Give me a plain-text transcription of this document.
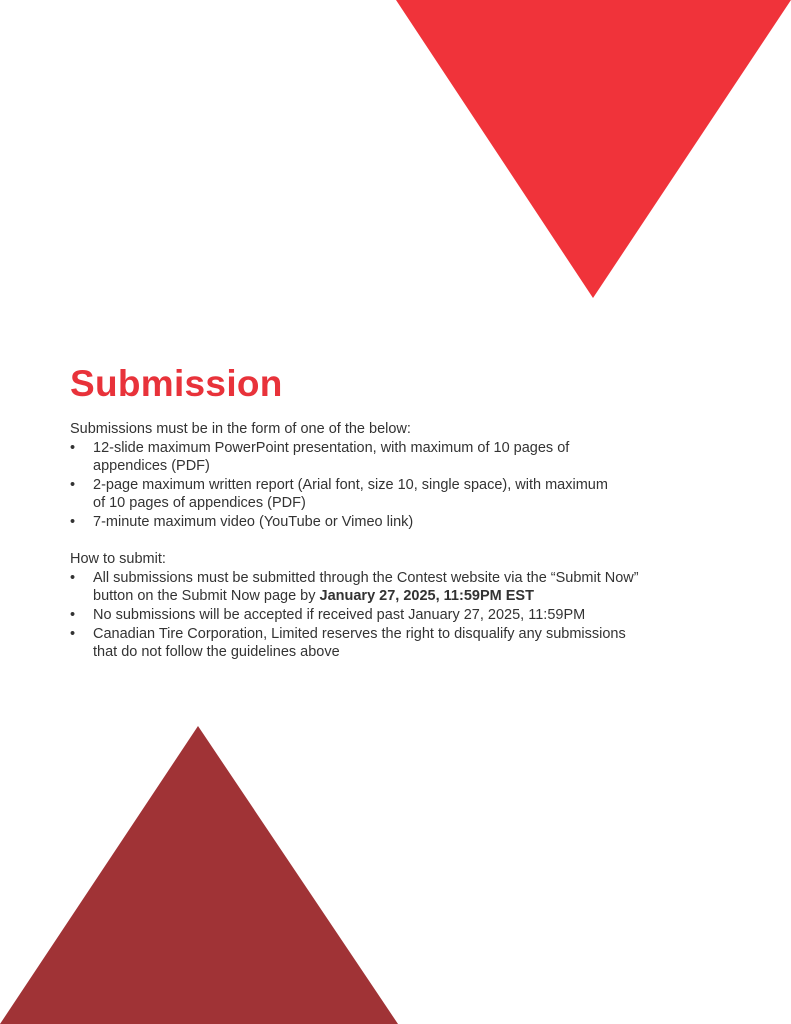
Submission

Submissions must be in the form of one of the below:

• 12-slide maximum PowerPoint presentation, with maximum of 10 pages of
appendices (PDF)
• 2-page maximum written report (Arial font, size 10, single space), with maximum
of 10 pages of appendices (PDF)
• 7-minute maximum video (YouTube or Vimeo link)

How to submit:

• All submissions must be submitted through the Contest website via the “Submit Now”
button on the Submit Now page by January 27, 2025, 11:59PM EST
• No submissions will be accepted if received past January 27, 2025, 11:59PM
• Canadian Tire Corporation, Limited reserves the right to disqualify any submissions
that do not follow the guidelines above
